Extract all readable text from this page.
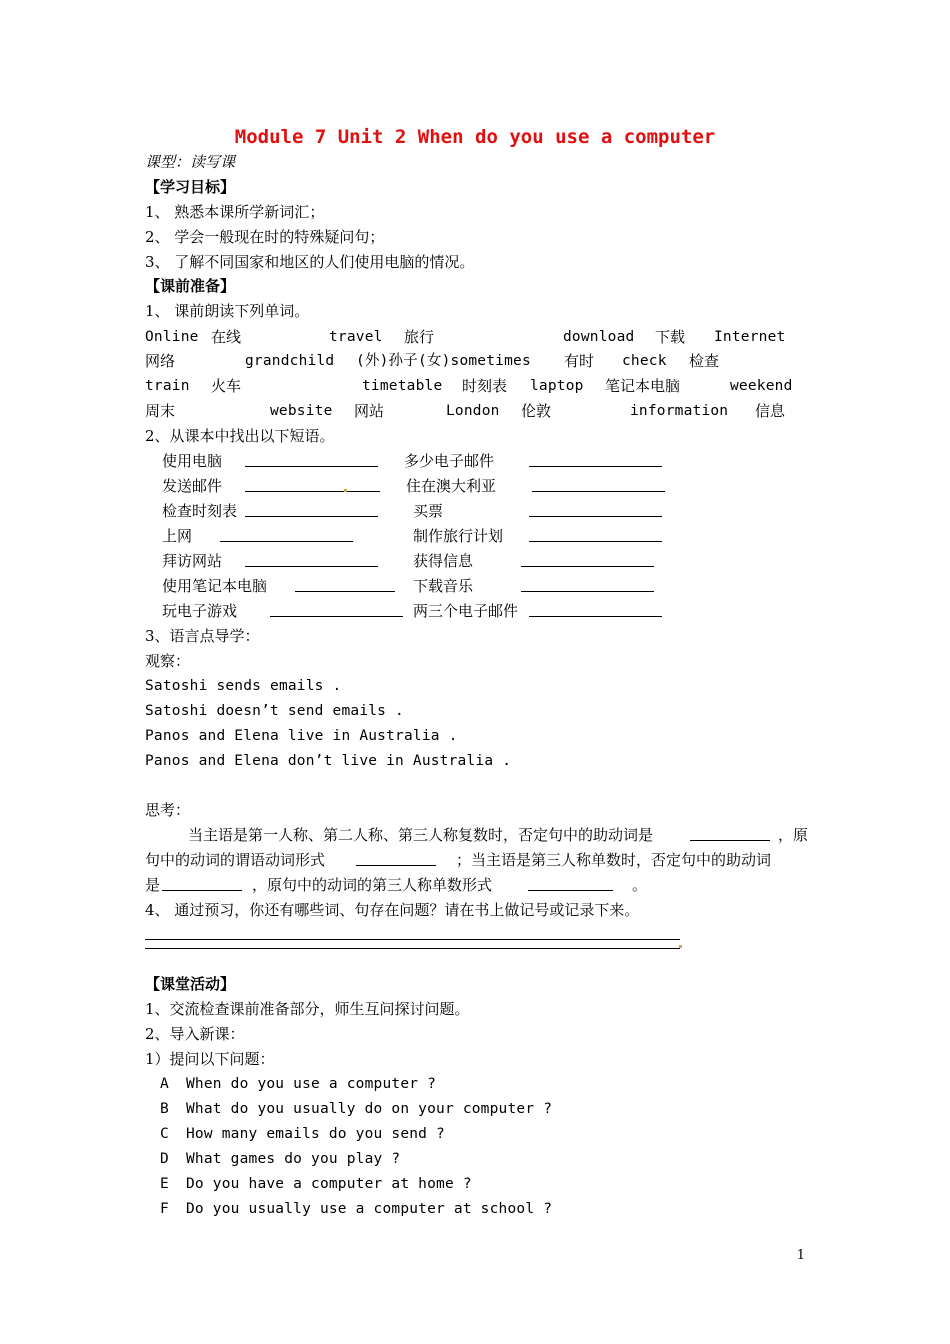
Module 7 Unit 2 When do you use a computer
课型：读写课
【学习目标】
1、 熟悉本课所学新词汇；
2、 学会一般现在时的特殊疑问句；
3、 了解不同国家和地区的人们使用电脑的情况。
【课前准备】
1、 课前朗读下列单词。
Online 在线	travel 旅行	download 下载 Internet
网络	grandchild (外)孙子(女)sometimes 有时 check 检查
train 火车	timetable 时刻表 laptop 笔记本电脑	weekend
周末	website 网站	London 伦敦	information 信息
2、从课本中找出以下短语。
使用电脑	多少电子邮件
发送邮件	住在澳大利亚
检查时刻表	买票
上网	制作旅行计划
拜访网站	获得信息
使用笔记本电脑	下载音乐
玩电子游戏	两三个电子邮件
3、语言点导学：
观察：
Satoshi sends emails .
Satoshi doesn’t send emails .
Panos and Elena live in Australia .
Panos and Elena don’t live in Australia .
思考：
当主语是第一人称、第二人称、第三人称复数时，否定句中的助动词是	，原
句中的动词的谓语动词形式	；当主语是第三人称单数时，否定句中的助动词
是	，原句中的动词的第三人称单数形式	。
4、 通过预习，你还有哪些词、句存在问题？请在书上做记号或记录下来。
【课堂活动】
1、交流检查课前准备部分，师生互问探讨问题。
2、导入新课：
1）提问以下问题：
A When do you use a computer ?
B What do you usually do on your computer ?
C How many emails do you send ?
D What games do you play ?
E Do you have a computer at home ?
F Do you usually use a computer at school ?
1
